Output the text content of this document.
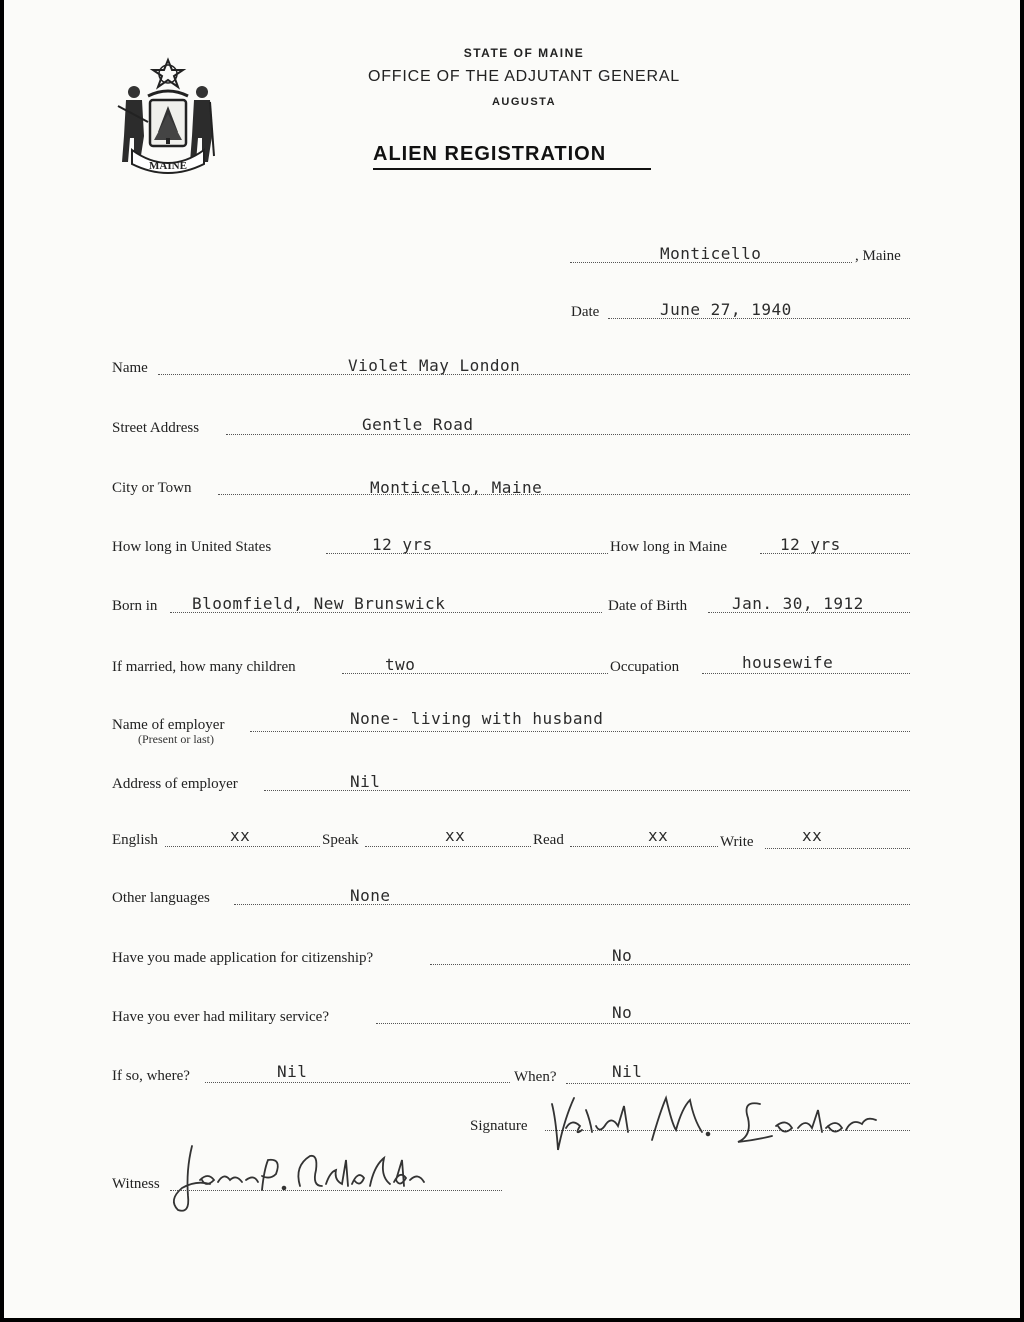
MAINE
STATE OF MAINE
OFFICE OF THE ADJUTANT GENERAL
AUGUSTA
ALIEN REGISTRATION
Monticello	, Maine
Date	June 27, 1940
Name	Violet May London
Street Address	Gentle Road
City or Town	Monticello, Maine
How long in United States	12 yrs	How long in Maine	12 yrs
Born in Bloomfield, New Brunswick	Date of Birth	Jan. 30, 1912
If married, how many children	two	Occupation	housewife
Name of employer
(Present or last)
None- living with husband
Address of employer	Nil
English	xx	Speak	xx	Read	xx	Write	xx
Other languages	None
Have you made application for citizenship?	No
Have you ever had military service?	No
If so, where?	Nil	When?	Nil
Signature
Witness
